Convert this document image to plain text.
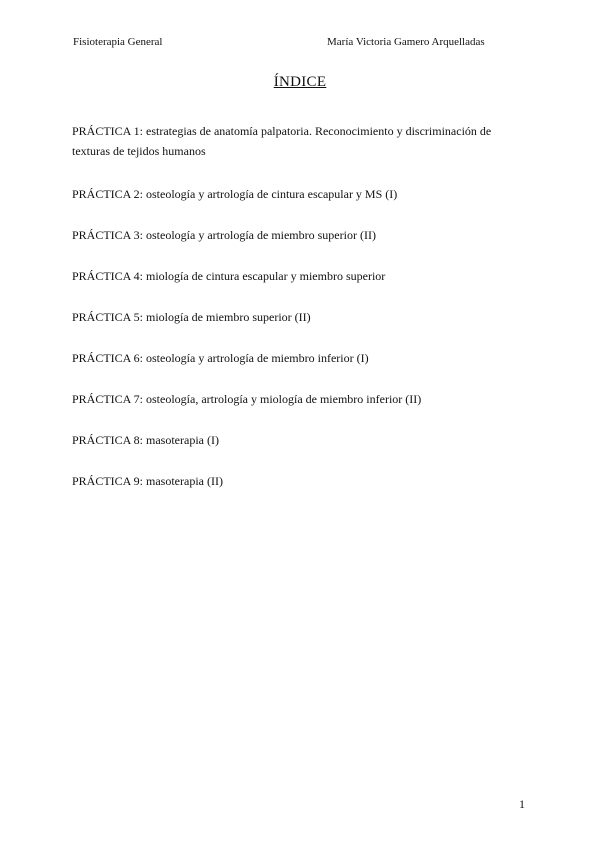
Fisioterapia General	María Victoria Gamero Arquelladas
ÍNDICE
PRÁCTICA 1: estrategias de anatomía palpatoria. Reconocimiento y discriminación de texturas de tejidos humanos
PRÁCTICA 2: osteología y artrología de cintura escapular y MS (I)
PRÁCTICA 3: osteología y artrología de miembro superior (II)
PRÁCTICA 4: miología de cintura escapular y miembro superior
PRÁCTICA 5: miología de miembro superior (II)
PRÁCTICA 6: osteología y artrología de miembro inferior (I)
PRÁCTICA 7: osteología, artrología y miología de miembro inferior (II)
PRÁCTICA 8: masoterapia (I)
PRÁCTICA 9: masoterapia (II)
1
